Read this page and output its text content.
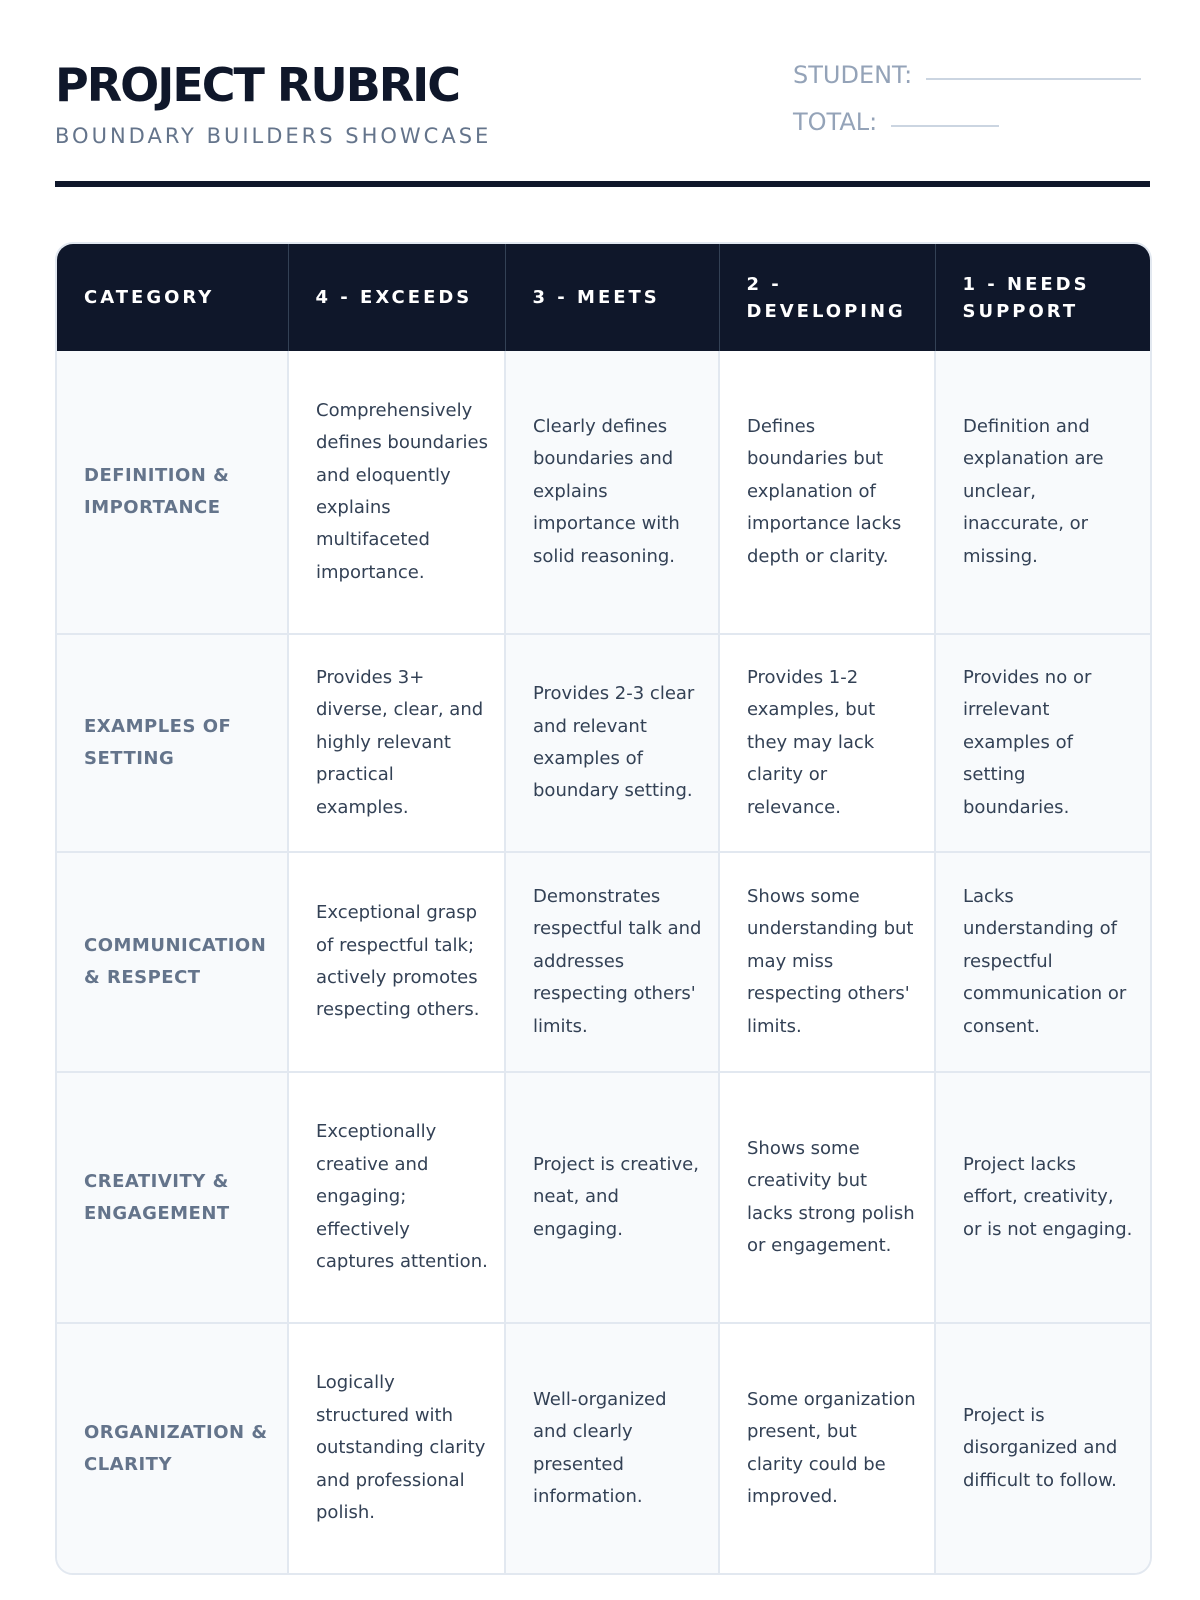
PROJECT RUBRIC
BOUNDARY BUILDERS SHOWCASE
STUDENT:
TOTAL:
CATEGORY	4 - EXCEEDS	3 - MEETS	2 - DEVELOPING	1 - NEEDS SUPPORT
DEFINITION & IMPORTANCE	Comprehensively defines boundaries and eloquently explains multifaceted importance.	Clearly defines boundaries and explains importance with solid reasoning.	Defines boundaries but explanation of importance lacks depth or clarity.	Definition and explanation are unclear, inaccurate, or missing.
EXAMPLES OF SETTING	Provides 3+ diverse, clear, and highly relevant practical examples.	Provides 2-3 clear and relevant examples of boundary setting.	Provides 1-2 examples, but they may lack clarity or relevance.	Provides no or irrelevant examples of setting boundaries.
COMMUNICATION & RESPECT	Exceptional grasp of respectful talk; actively promotes respecting others.	Demonstrates respectful talk and addresses respecting others' limits.	Shows some understanding but may miss respecting others' limits.	Lacks understanding of respectful communication or consent.
CREATIVITY & ENGAGEMENT	Exceptionally creative and engaging; effectively captures attention.	Project is creative, neat, and engaging.	Shows some creativity but lacks strong polish or engagement.	Project lacks effort, creativity, or is not engaging.
ORGANIZATION & CLARITY	Logically structured with outstanding clarity and professional polish.	Well-organized and clearly presented information.	Some organization present, but clarity could be improved.	Project is disorganized and difficult to follow.
